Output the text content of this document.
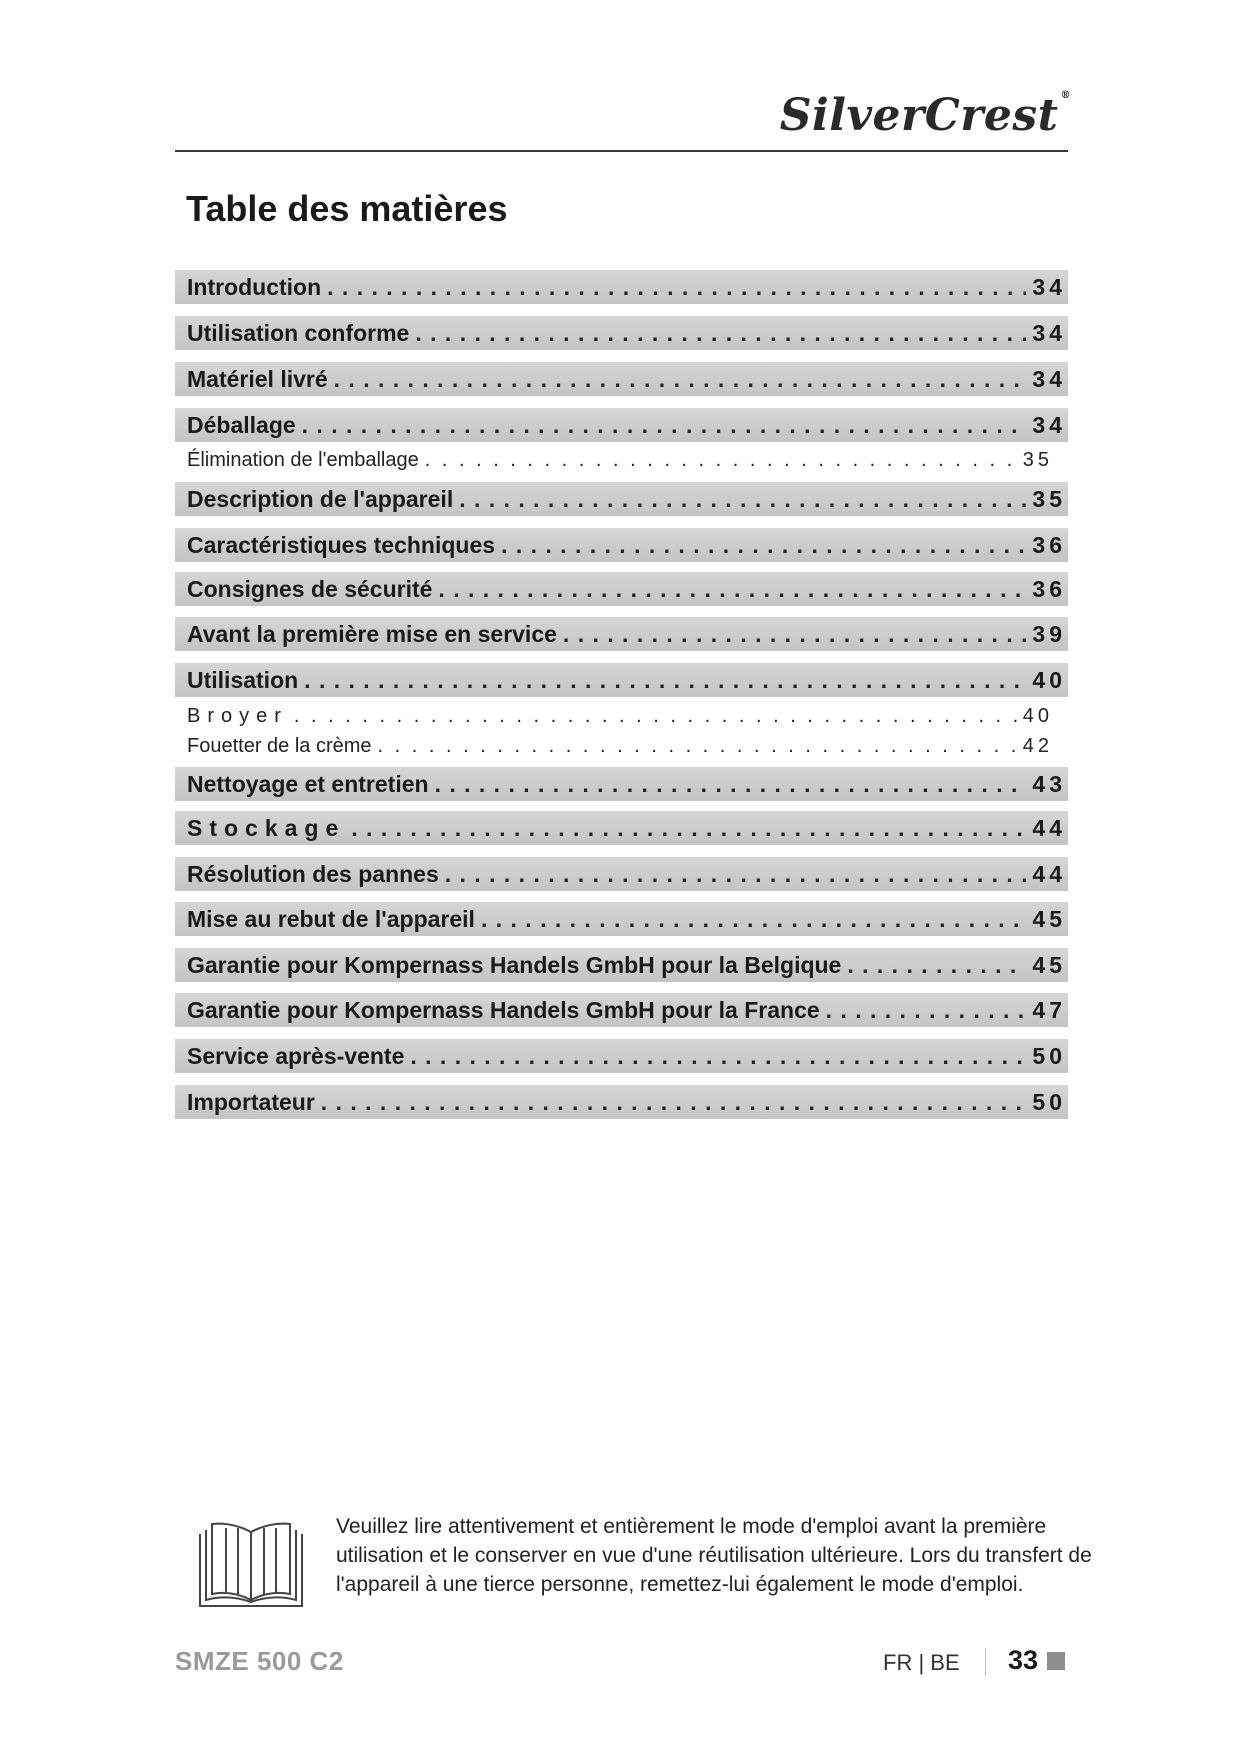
SilverCrest ®
Table des matières
Introduction . . .	34
Utilisation conforme . . .	34
Matériel livré . . .	34
Déballage . . .	34
Élimination de l'emballage . . .	35
Description de l'appareil . . .	35
Caractéristiques techniques . . .	36
Consignes de sécurité . . .	36
Avant la première mise en service . . .	39
Utilisation . . .	40
Broyer . . .	40
Fouetter de la crème . . .	42
Nettoyage et entretien . . .	43
Stockage . . .	44
Résolution des pannes . . .	44
Mise au rebut de l'appareil . . .	45
Garantie pour Kompernass Handels GmbH pour la Belgique . . .	45
Garantie pour Kompernass Handels GmbH pour la France . . .	47
Service après-vente . . .	50
Importateur . . .	50
Veuillez lire attentivement et entièrement le mode d'emploi avant la première utilisation et le conserver en vue d'une réutilisation ultérieure. Lors du transfert de l'appareil à une tierce personne, remettez-lui également le mode d'emploi.
SMZE 500 C2	FR | BE 33
